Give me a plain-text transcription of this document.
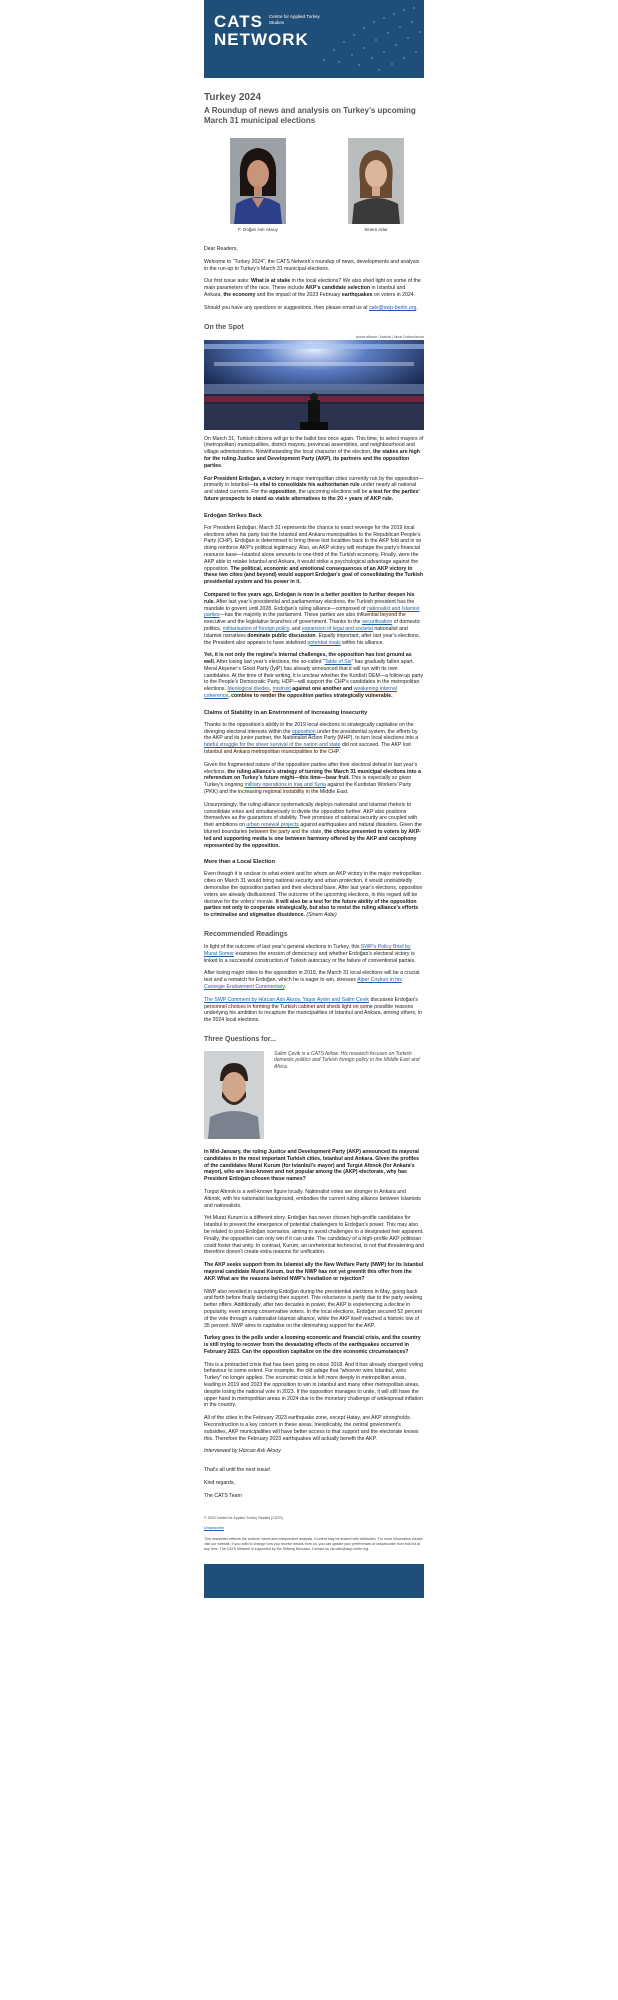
CATS Centre for Applied Turkey Studies
NETWORK
Turkey 2024
A Roundup of news and analysis on Turkey’s upcoming March 31 municipal elections
F. Doğan Aslı Aksoy	Sinem Adar
Dear Readers,
Welcome to “Turkey 2024”, the CATS Network’s roundup of news, developments and analysis in the run-up to Turkey’s March 31 municipal elections.
Our first issue asks: What is at stake in the local elections? We also shed light on some of the main parameters of the race. These include AKP’s candidate selection in Istanbul and Ankara, the economy and the impact of the 2023 February earthquakes on voters in 2024.
Should you have any questions or suggestions, then please email us at cats@swp-berlin.org.
On the Spot
picture alliance / Anadolu | Murat Cetinmuhurdar
On March 31, Turkish citizens will go to the ballot box once again. This time, to select mayors of (metropolitan) municipalities, district mayors, provincial assemblies, and neighbourhood and village administrators. Notwithstanding the local character of the election, the stakes are high for the ruling Justice and Development Party (AKP), its partners and the opposition parties.
For President Erdoğan, a victory in major metropolitan cities currently run by the opposition—primarily in Istanbul—is vital to consolidate his authoritarian rule under nearly all national and stated currents. For the opposition, the upcoming elections will be a test for the parties' future prospects to stand as viable alternatives to the 20 + years of AKP rule.
Erdoğan Strikes Back
For President Erdoğan, March 31 represents the chance to exact revenge for the 2019 local elections when his party lost the Istanbul and Ankara municipalities to the Republican People’s Party (CHP). Erdoğan is determined to bring these lost localities back to the AKP fold and in so doing reinforce AKP's political legitimacy. Also, an AKP victory will reshape the party's financial resource base—Istanbul alone amounts to one-third of the Turkish economy. Finally, were the AKP able to retake Istanbul and Ankara, it would strike a psychological advantage against the opposition. The political, economic and emotional consequences of an AKP victory in these two cities (and beyond) would support Erdoğan's goal of consolidating the Turkish presidential system and his power in it.
Compared to five years ago, Erdoğan is now in a better position to further deepen his rule. After last year’s presidential and parliamentary elections, the Turkish president has the mandate to govern until 2028. Erdoğan’s ruling alliance—composed of nationalist and Islamist parties—has the majority in the parliament. These parties are also influential beyond the executive and the legislative branches of government. Thanks to the securitisation of domestic politics, militarisation of foreign policy, and expansion of legal and societal nationalist and Islamist narratives dominate public discussion. Equally important, after last year’s elections, the President also appears to have sidelined potential rivals within his alliance.
Yet, it is not only the regime’s internal challenges, the opposition has lost ground as well. After losing last year’s elections, the so-called “Table of Six” has gradually fallen apart. Meral Akşener’s Good Party (İyiP) has already announced that it will run with its own candidates. At the time of their writing, it is unclear whether the Kurdish DEM—a follow-up party to the People’s Democratic Party, HDP—will support the CHP’s candidates in the metropolitan elections. Ideological divides, mistrust against one another and weakening internal coherence, combine to render the opposition parties strategically vulnerable.
Claims of Stability in an Environment of Increasing Insecurity
Thanks to the opposition's ability in the 2019 local elections to strategically capitalise on the diverging electoral interests within the opposition under the presidential system, the efforts by the AKP and its junior partner, the Nationalist Action Party (MHP), to turn local elections into a fateful struggle for the sheer survival of the nation and state did not succeed. The AKP lost Istanbul and Ankara metropolitan municipalities to the CHP.
Given the fragmented nature of the opposition parties after their electoral defeat in last year’s elections, the ruling alliance's strategy of turning the March 31 municipal elections into a referendum on Turkey’s future might—this time—bear fruit. This is especially so given Turkey's ongoing military operations in Iraq and Syria against the Kurdistan Workers' Party (PKK) and the increasing regional instability in the Middle East.
Unsurprisingly, the ruling alliance systematically deploys nationalist and Islamist rhetoric to consolidate votes and simultaneously to divide the opposition further. AKP also positions themselves as the guarantors of stability. Their promises of national security are coupled with their ambitions on urban renewal projects against earthquakes and natural disasters. Given the blurred boundaries between the party and the state, the choice presented to voters by AKP-led and supporting media is one between harmony offered by the AKP and cacophony represented by the opposition.
More than a Local Election
Even though it is unclear to what extent and for whom an AKP victory in the major metropolitan cities on March 31 would bring national security and urban protection, it would undoubtedly demoralise the opposition parties and their electoral base. After last year’s elections, opposition voters are already disillusioned. The outcome of the upcoming elections, in this regard will be decisive for the voters' morale. It will also be a test for the future ability of the opposition parties not only to cooperate strategically, but also to resist the ruling alliance’s efforts to criminalise and stigmatise dissidence. (Sinem Adar)
Recommended Readings
In light of the outcome of last year’s general elections in Turkey, this SWP's Policy Brief by Murat Somer examines the erosion of democracy and whether Erdoğan’s electoral victory is linked to a successful construction of Turkish autocracy or the failure of conventional parties.
After losing major cities to the opposition in 2019, the March 31 local elections will be a crucial test and a rematch for Erdoğan, which he is eager to win, stresses Alper Coşkun in his Carnegie Endowment Commentary.
The SWP Comment by Hürcan Aslı Aksoy, Yaşar Aydın and Salim Çevik discusses Erdoğan's personnel choices in forming the Turkish cabinet and sheds light on some possible reasons underlying his ambition to recapture the municipalities of Istanbul and Ankara, among others, in the 2024 local elections.
Three Questions for...
Salim Çevik is a CATS fellow. His research focuses on Turkish domestic politics and Turkish foreign policy in the Middle East and Africa.
In Mid-January, the ruling Justice and Development Party (AKP) announced its mayoral candidates in the most important Turkish cities, Istanbul and Ankara. Given the profiles of the candidates Murat Kurum (for Istanbul's mayor) and Turgut Altınok (for Ankara's mayor), who are less-known and not popular among the (AKP) electorate, why has President Erdoğan chosen these names?
Turgut Altınok is a well-known figure locally. Nationalist votes are stronger in Ankara and Altınok, with his nationalist background, embodies the current ruling alliance between Islamists and nationalists.
Yet Murat Kurum is a different story. Erdoğan has never chosen high-profile candidates for Istanbul to prevent the emergence of potential challengers to Erdoğan's power. This may also be related to post-Erdoğan scenarios, aiming to avoid challenges to a designated heir apparent. Finally, the opposition can only win if it can unite. The candidacy of a high-profile AKP politician could foster that unity. In contrast, Kurum, an unrhetorical technocrat, is not that threatening and therefore doesn't create extra reasons for unification.
The AKP seeks support from its Islamist ally the New Welfare Party (NWP) for its Istanbul mayoral candidate Murat Kurum, but the NWP has not yet greenlit this offer from the AKP. What are the reasons behind NWP's hesitation or rejection?
NWP also revelled in supporting Erdoğan during the presidential elections in May, going back and forth before finally declaring their support. This reluctance is partly due to the party seeking better offers. Additionally, after two decades in power, the AKP is experiencing a decline in popularity, even among conservative voters. In the local elections, Erdoğan secured 52 percent of the vote through a nationalist-Islamist alliance, while the AKP itself reached a historic low of 35 percent. NWP aims to capitalise on the diminishing support for the AKP.
Turkey goes to the polls under a looming economic and financial crisis, and the country is still trying to recover from the devastating effects of the earthquakes occurred in February 2023. Can the opposition capitalize on the dire economic circumstances?
This is a protracted crisis that has been going on since 2018. And it has already changed voting behaviour to some extent. For example, the old adage that "whoever wins Istanbul, wins Turkey" no longer applies. The economic crisis is felt more deeply in metropolitan areas, leading in 2019 and 2023 the opposition to win in Istanbul and many other metropolitan areas, despite losing the national vote in 2023. If the opposition manages to unite, it will still have the upper hand in metropolitan areas in 2024 due to the monetary challenge of widespread inflation in the country.
All of the cities in the February 2023 earthquake zone, except Hatay, are AKP strongholds. Reconstruction is a key concern in these areas. Inexplicably, the central government's subsidies, AKP municipalities will have better access to that support and the electorate knows this. Therefore the February 2023 earthquakes will actually benefit the AKP.
Interviewed by Hürcan Aslı Aksoy
That's all until the next issue!
Kind regards,
The CATS Team
© 2024 Centre for Applied Turkey Studies (CATS)
Unsubscribe
This newsletter reflects the authors' views and independent analysis. Content may be shared with attribution. For more information please visit our website. If you wish to change how you receive emails from us, you can update your preferences or unsubscribe from this list at any time. The CATS Network is supported by the Stiftung Mercator. Contact us via cats@swp-berlin.org.
